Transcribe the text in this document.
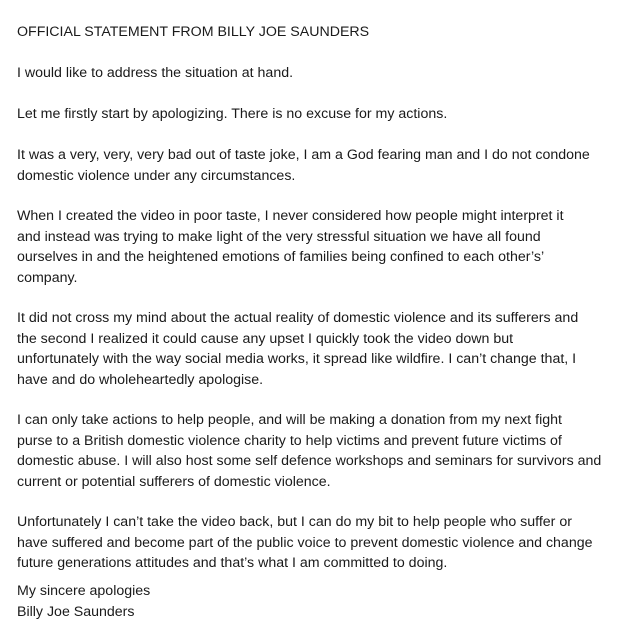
OFFICIAL STATEMENT FROM BILLY JOE SAUNDERS

I would like to address the situation at hand.

Let me firstly start by apologizing. There is no excuse for my actions.

It was a very, very, very bad out of taste joke, I am a God fearing man and I do not condone
domestic violence under any circumstances.

When I created the video in poor taste, I never considered how people might interpret it
and instead was trying to make light of the very stressful situation we have all found
ourselves in and the heightened emotions of families being confined to each other’s’
company.

It did not cross my mind about the actual reality of domestic violence and its sufferers and
the second I realized it could cause any upset I quickly took the video down but
unfortunately with the way social media works, it spread like wildfire. I can’t change that, I
have and do wholeheartedly apologise.

I can only take actions to help people, and will be making a donation from my next fight
purse to a British domestic violence charity to help victims and prevent future victims of
domestic abuse. I will also host some self defence workshops and seminars for survivors and
current or potential sufferers of domestic violence.

Unfortunately I can’t take the video back, but I can do my bit to help people who suffer or
have suffered and become part of the public voice to prevent domestic violence and change
future generations attitudes and that’s what I am committed to doing.

My sincere apologies
Billy Joe Saunders
